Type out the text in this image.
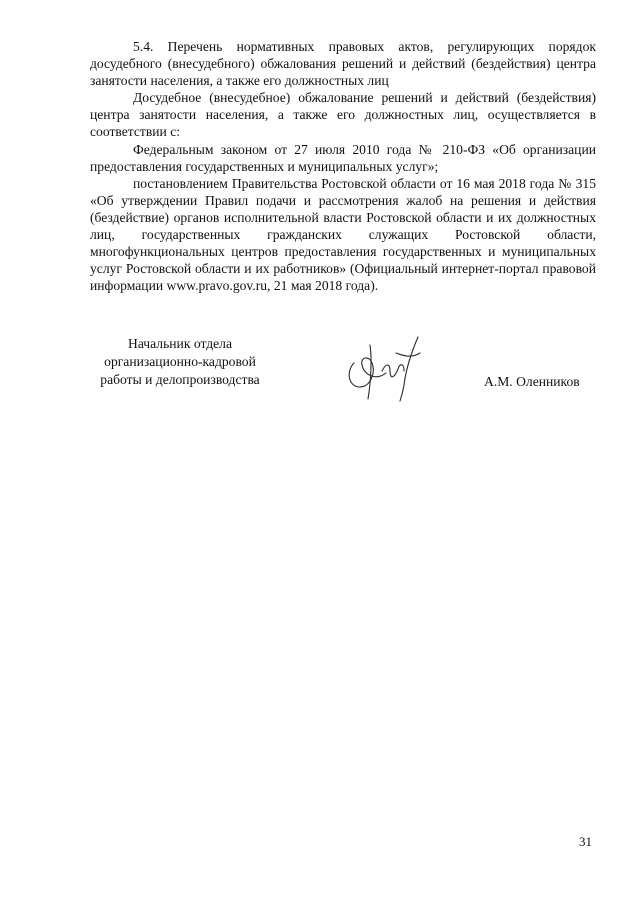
5.4. Перечень нормативных правовых актов, регулирующих порядок досудебного (внесудебного) обжалования решений и действий (бездействия) центра занятости населения, а также его должностных лиц

Досудебное (внесудебное) обжалование решений и действий (бездействия) центра занятости населения, а также его должностных лиц, осуществляется в соответствии с:

Федеральным законом от 27 июля 2010 года № 210-ФЗ «Об организации предоставления государственных и муниципальных услуг»;

постановлением Правительства Ростовской области от 16 мая 2018 года № 315 «Об утверждении Правил подачи и рассмотрения жалоб на решения и действия (бездействие) органов исполнительной власти Ростовской области и их должностных лиц, государственных гражданских служащих Ростовской области, многофункциональных центров предоставления государственных и муниципальных услуг Ростовской области и их работников» (Официальный интернет-портал правовой информации www.pravo.gov.ru, 21 мая 2018 года).

Начальник отдела
организационно-кадровой
работы и делопроизводства	А.М. Оленников
31
